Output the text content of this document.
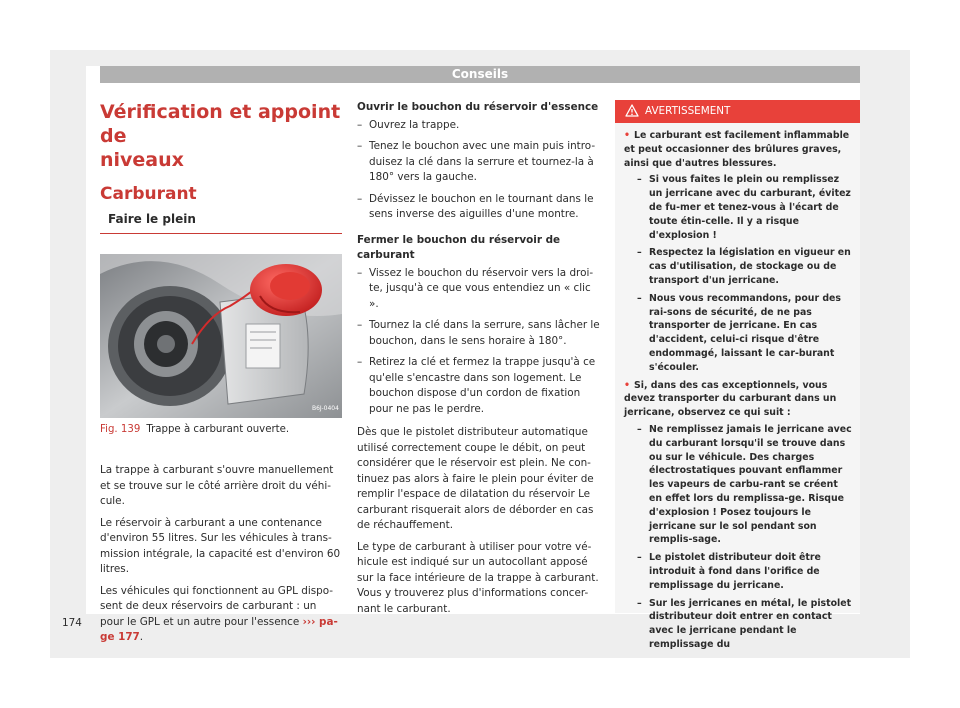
Conseils
Vérification et appoint de
niveaux
Carburant
Faire le plein
B6J-0404
Fig. 139 Trappe à carburant ouverte.

La trappe à carburant s'ouvre manuellement et se trouve sur le côté arrière droit du véhi-cule.

Le réservoir à carburant a une contenance d'environ 55 litres. Sur les véhicules à trans-mission intégrale, la capacité est d'environ 60 litres.

Les véhicules qui fonctionnent au GPL dispo-sent de deux réservoirs de carburant : un pour le GPL et un autre pour l'essence ››› pa-ge 177.

Ouvrir le bouchon du réservoir d'essence

– Ouvrez la trappe.

– Tenez le bouchon avec une main puis intro-duisez la clé dans la serrure et tournez-la à 180° vers la gauche.

– Dévissez le bouchon en le tournant dans le sens inverse des aiguilles d'une montre.

Fermer le bouchon du réservoir de carburant

– Vissez le bouchon du réservoir vers la droi-te, jusqu'à ce que vous entendiez un « clic ».

– Tournez la clé dans la serrure, sans lâcher le bouchon, dans le sens horaire à 180°.

– Retirez la clé et fermez la trappe jusqu'à ce qu'elle s'encastre dans son logement. Le bouchon dispose d'un cordon de fixation pour ne pas le perdre.

Dès que le pistolet distributeur automatique utilisé correctement coupe le débit, on peut considérer que le réservoir est plein. Ne con-tinuez pas alors à faire le plein pour éviter de remplir l'espace de dilatation du réservoir Le carburant risquerait alors de déborder en cas de réchauffement.

Le type de carburant à utiliser pour votre vé-hicule est indiqué sur un autocollant apposé sur la face intérieure de la trappe à carburant. Vous y trouverez plus d'informations concer-nant le carburant.

AVERTISSEMENT

• Le carburant est facilement inflammable et peut occasionner des brûlures graves, ainsi que d'autres blessures.

– Si vous faites le plein ou remplissez un jerricane avec du carburant, évitez de fu-mer et tenez-vous à l'écart de toute étin-celle. Il y a risque d'explosion !

– Respectez la législation en vigueur en cas d'utilisation, de stockage ou de transport d'un jerricane.

– Nous vous recommandons, pour des rai-sons de sécurité, de ne pas transporter de jerricane. En cas d'accident, celui-ci risque d'être endommagé, laissant le car-burant s'écouler.

• Si, dans des cas exceptionnels, vous devez transporter du carburant dans un jerricane, observez ce qui suit :

– Ne remplissez jamais le jerricane avec du carburant lorsqu'il se trouve dans ou sur le véhicule. Des charges électrostatiques pouvant enflammer les vapeurs de carbu-rant se créent en effet lors du remplissa-ge. Risque d'explosion ! Posez toujours le jerricane sur le sol pendant son remplis-sage.

– Le pistolet distributeur doit être introduit à fond dans l'orifice de remplissage du jerricane.

– Sur les jerricanes en métal, le pistolet distributeur doit entrer en contact avec le jerricane pendant le remplissage du

174
